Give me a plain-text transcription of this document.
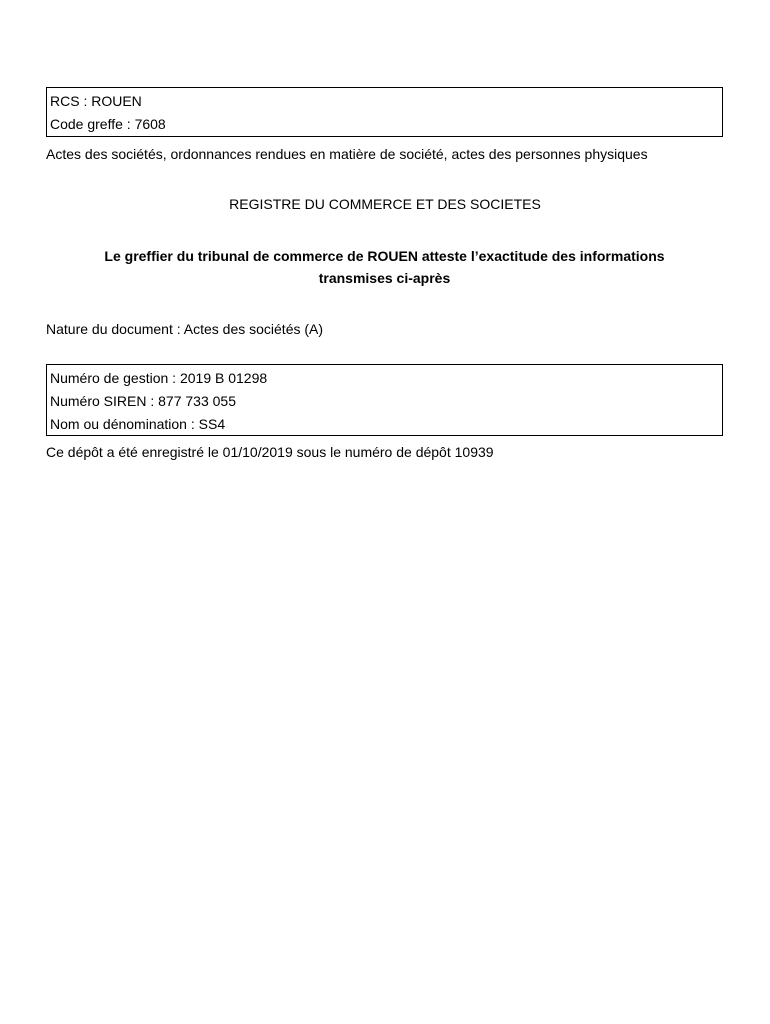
RCS : ROUEN
Code greffe : 7608
Actes des sociétés, ordonnances rendues en matière de société, actes des personnes physiques
REGISTRE DU COMMERCE ET DES SOCIETES
Le greffier du tribunal de commerce de ROUEN atteste l’exactitude des informations
transmises ci-après
Nature du document : Actes des sociétés (A)
Numéro de gestion : 2019 B 01298
Numéro SIREN : 877 733 055
Nom ou dénomination : SS4
Ce dépôt a été enregistré le 01/10/2019 sous le numéro de dépôt 10939
